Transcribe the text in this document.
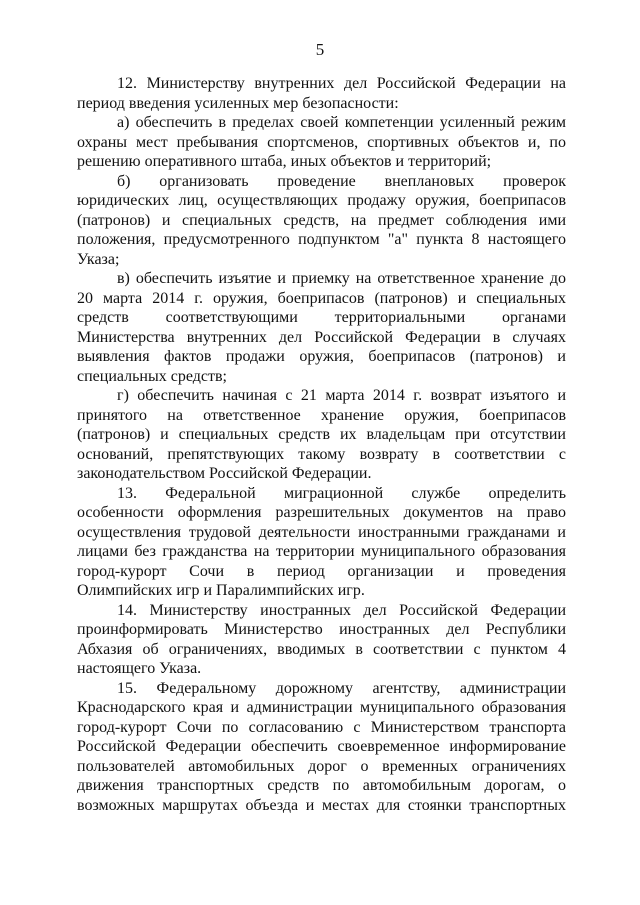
5
12. Министерству внутренних дел Российской Федерации на
период введения усиленных мер безопасности:
а) обеспечить в пределах своей компетенции усиленный режим
охраны мест пребывания спортсменов, спортивных объектов и, по
решению оперативного штаба, иных объектов и территорий;
б) организовать проведение внеплановых проверок
юридических лиц, осуществляющих продажу оружия, боеприпасов
(патронов) и специальных средств, на предмет соблюдения ими
положения, предусмотренного подпунктом "а" пункта 8 настоящего
Указа;
в) обеспечить изъятие и приемку на ответственное хранение до
20 марта 2014 г. оружия, боеприпасов (патронов) и специальных
средств соответствующими территориальными органами
Министерства внутренних дел Российской Федерации в случаях
выявления фактов продажи оружия, боеприпасов (патронов) и
специальных средств;
г) обеспечить начиная с 21 марта 2014 г. возврат изъятого и
принятого на ответственное хранение оружия, боеприпасов
(патронов) и специальных средств их владельцам при отсутствии
оснований, препятствующих такому возврату в соответствии с
законодательством Российской Федерации.
13. Федеральной миграционной службе определить
особенности оформления разрешительных документов на право
осуществления трудовой деятельности иностранными гражданами и
лицами без гражданства на территории муниципального образования
город-курорт Сочи в период организации и проведения
Олимпийских игр и Паралимпийских игр.
14. Министерству иностранных дел Российской Федерации
проинформировать Министерство иностранных дел Республики
Абхазия об ограничениях, вводимых в соответствии с пунктом 4
настоящего Указа.
15. Федеральному дорожному агентству, администрации
Краснодарского края и администрации муниципального образования
город-курорт Сочи по согласованию с Министерством транспорта
Российской Федерации обеспечить своевременное информирование
пользователей автомобильных дорог о временных ограничениях
движения транспортных средств по автомобильным дорогам, о
возможных маршрутах объезда и местах для стоянки транспортных
